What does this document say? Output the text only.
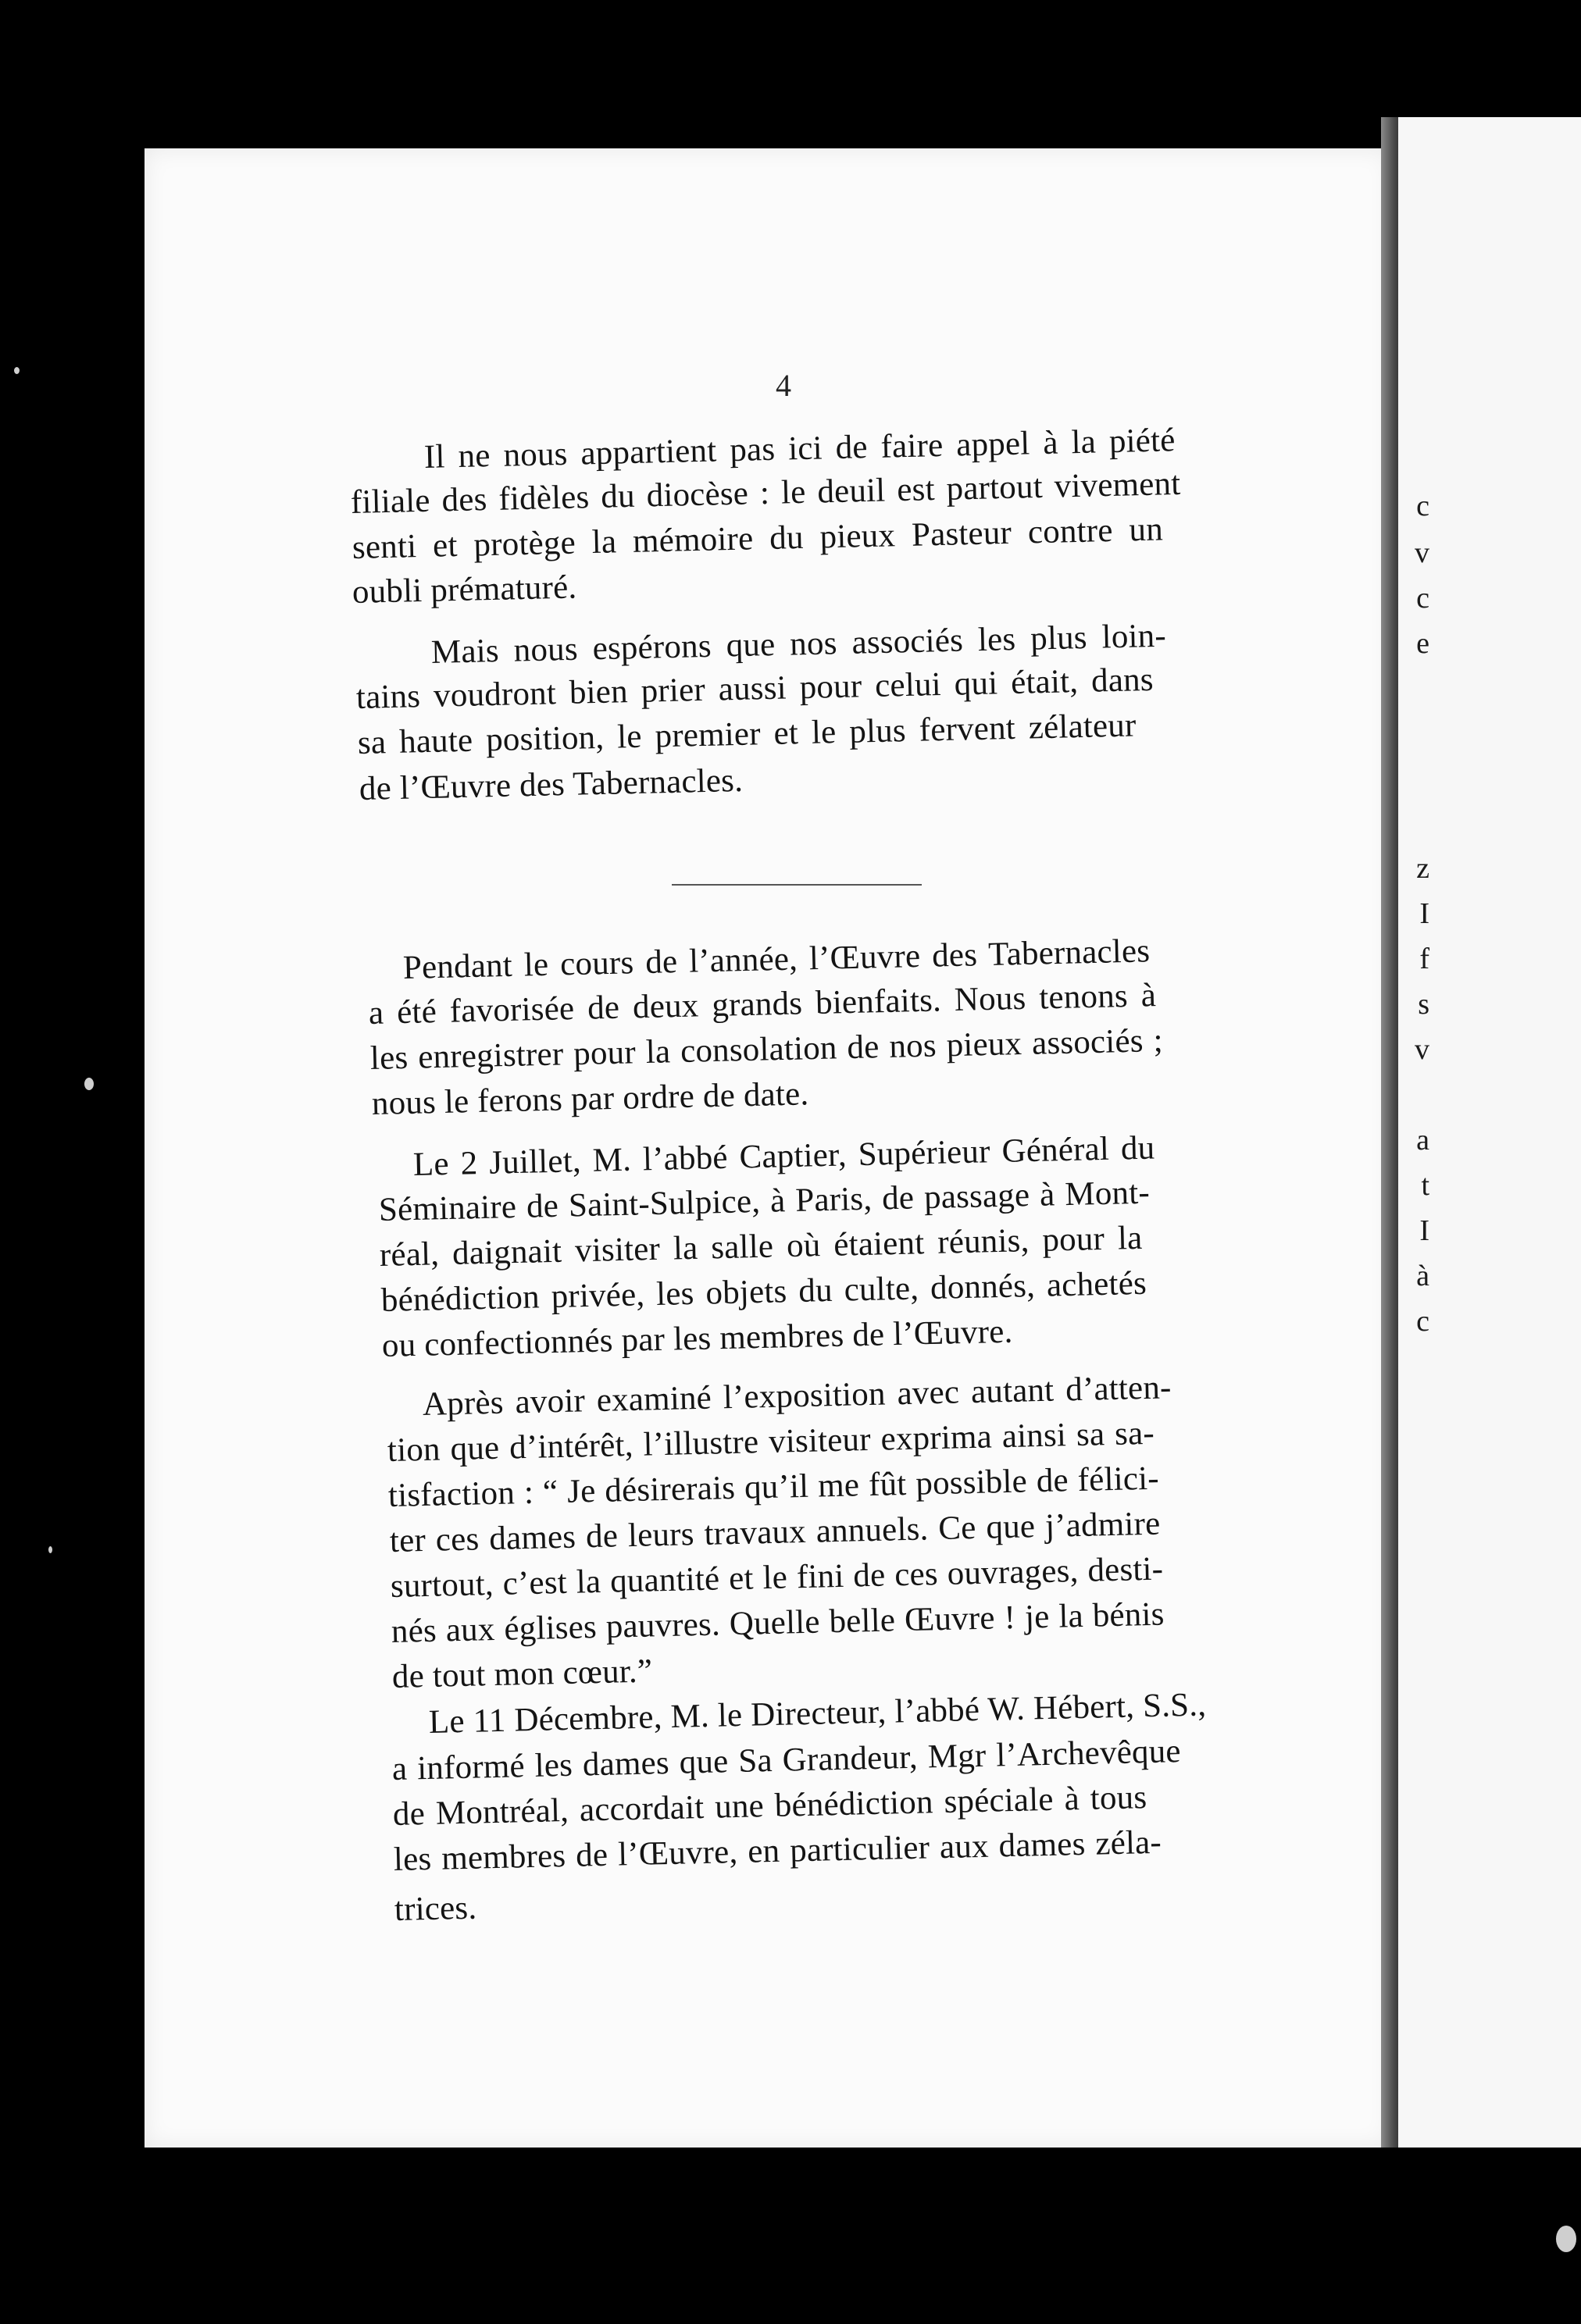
c
v
c
e
z
I
f
s
v
a
t
I
à
c
4
Il ne nous appartient pas ici de faire appel à la piété
filiale des fidèles du diocèse : le deuil est partout vivement
senti et protège la mémoire du pieux Pasteur contre un
oubli prématuré.
Mais nous espérons que nos associés les plus loin-
tains voudront bien prier aussi pour celui qui était, dans
sa haute position, le premier et le plus fervent zélateur
de l’Œuvre des Tabernacles.
Pendant le cours de l’année, l’Œuvre des Tabernacles
a été favorisée de deux grands bienfaits. Nous tenons à
les enregistrer pour la consolation de nos pieux associés ;
nous le ferons par ordre de date.
Le 2 Juillet, M. l’abbé Captier, Supérieur Général du
Séminaire de Saint-Sulpice, à Paris, de passage à Mont-
réal, daignait visiter la salle où étaient réunis, pour la
bénédiction privée, les objets du culte, donnés, achetés
ou confectionnés par les membres de l’Œuvre.
Après avoir examiné l’exposition avec autant d’atten-
tion que d’intérêt, l’illustre visiteur exprima ainsi sa sa-
tisfaction : “ Je désirerais qu’il me fût possible de félici-
ter ces dames de leurs travaux annuels. Ce que j’admire
surtout, c’est la quantité et le fini de ces ouvrages, desti-
nés aux églises pauvres. Quelle belle Œuvre ! je la bénis
de tout mon cœur.”
Le 11 Décembre, M. le Directeur, l’abbé W. Hébert, S.S.,
a informé les dames que Sa Grandeur, Mgr l’Archevêque
de Montréal, accordait une bénédiction spéciale à tous
les membres de l’Œuvre, en particulier aux dames zéla-
trices.
